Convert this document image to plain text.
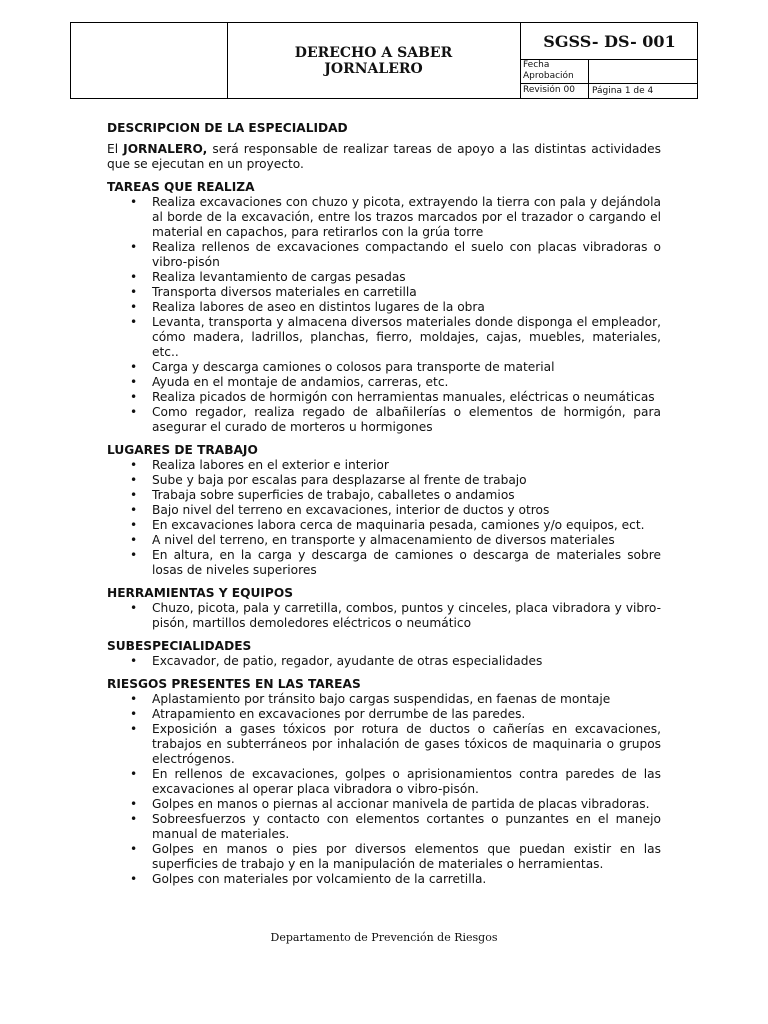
DERECHO A SABER
JORNALERO
SGSS- DS- 001
Fecha
Aprobación
Revisión 00	Página 1 de 4
DESCRIPCION DE LA ESPECIALIDAD

El JORNALERO, será responsable de realizar tareas de apoyo a las distintas actividades que se ejecutan en un proyecto.

TAREAS QUE REALIZA
• Realiza excavaciones con chuzo y picota, extrayendo la tierra con pala y dejándola al borde de la excavación, entre los trazos marcados por el trazador o cargando el material en capachos, para retirarlos con la grúa torre
• Realiza rellenos de excavaciones compactando el suelo con placas vibradoras o vibro-pisón
• Realiza levantamiento de cargas pesadas
• Transporta diversos materiales en carretilla
• Realiza labores de aseo en distintos lugares de la obra
• Levanta, transporta y almacena diversos materiales donde disponga el empleador, cómo madera, ladrillos, planchas, fierro, moldajes, cajas, muebles, materiales, etc..
• Carga y descarga camiones o colosos para transporte de material
• Ayuda en el montaje de andamios, carreras, etc.
• Realiza picados de hormigón con herramientas manuales, eléctricas o neumáticas
• Como regador, realiza regado de albañilerías o elementos de hormigón, para asegurar el curado de morteros u hormigones
LUGARES DE TRABAJO
• Realiza labores en el exterior e interior
• Sube y baja por escalas para desplazarse al frente de trabajo
• Trabaja sobre superficies de trabajo, caballetes o andamios
• Bajo nivel del terreno en excavaciones, interior de ductos y otros
• En excavaciones labora cerca de maquinaria pesada, camiones y/o equipos, ect.
• A nivel del terreno, en transporte y almacenamiento de diversos materiales
• En altura, en la carga y descarga de camiones o descarga de materiales sobre losas de niveles superiores
HERRAMIENTAS Y EQUIPOS
• Chuzo, picota, pala y carretilla, combos, puntos y cinceles, placa vibradora y vibro-pisón, martillos demoledores eléctricos o neumático
SUBESPECIALIDADES
• Excavador, de patio, regador, ayudante de otras especialidades
RIESGOS PRESENTES EN LAS TAREAS
• Aplastamiento por tránsito bajo cargas suspendidas, en faenas de montaje
• Atrapamiento en excavaciones por derrumbe de las paredes.
• Exposición a gases tóxicos por rotura de ductos o cañerías en excavaciones, trabajos en subterráneos por inhalación de gases tóxicos de maquinaria o grupos electrógenos.
• En rellenos de excavaciones, golpes o aprisionamientos contra paredes de las excavaciones al operar placa vibradora o vibro-pisón.
• Golpes en manos o piernas al accionar manivela de partida de placas vibradoras.
• Sobreesfuerzos y contacto con elementos cortantes o punzantes en el manejo manual de materiales.
• Golpes en manos o pies por diversos elementos que puedan existir en las superficies de trabajo y en la manipulación de materiales o herramientas.
• Golpes con materiales por volcamiento de la carretilla.
Departamento de Prevención de Riesgos
